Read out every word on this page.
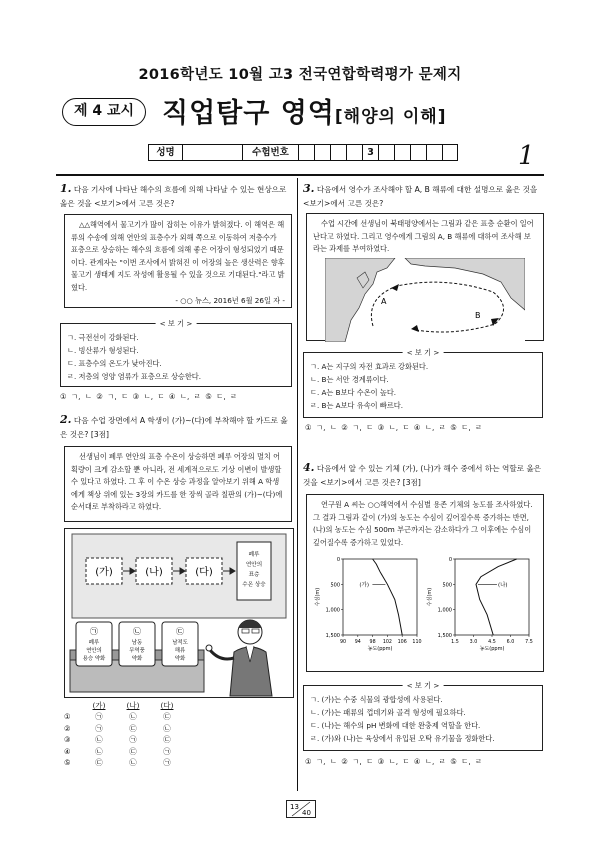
2016학년도 10월 고3 전국연합학력평가 문제지
제 4 교시	직업탐구 영역[해양의 이해]
성명	수험번호	3	1
1. 다음 기사에 나타난 해수의 흐름에 의해 나타날 수 있는 현상으로 옳은 것을 <보기>에서 고른 것은?
△△해역에서 물고기가 많이 잡히는 이유가 밝혀졌다. 이 해역은 해류의 수송에 의해 연안의 표층수가 외해 쪽으로 이동하여 저층수가 표층으로 상승하는 해수의 흐름에 의해 좋은 어장이 형성되었기 때문이다. 관계자는 "이번 조사에서 밝혀진 이 어장의 높은 생산력은 향후 물고기 생태계 지도 작성에 활용될 수 있을 것으로 기대된다."라고 밝혔다.
- ○○ 뉴스, 2016년 6월 26일 자 -
< 보 기 >
ㄱ. 극전선이 강화된다.
ㄴ. 빙산류가 형성된다.
ㄷ. 표층수의 온도가 낮아진다.
ㄹ. 저층의 영양 염류가 표층으로 상승한다.
① ㄱ, ㄴ ② ㄱ, ㄷ ③ ㄴ, ㄷ ④ ㄴ, ㄹ ⑤ ㄷ, ㄹ
2. 다음 수업 장면에서 A 학생이 (가)~(다)에 부착해야 할 카드로 옳은 것은? [3점]
선생님이 폐루 연안의 표층 수온이 상승하면 폐루 어장의 멸치 어획량이 크게 감소할 뿐 아니라, 전 세계적으로도 기상 이변이 발생할 수 있다고 하였다. 그 후 이 수온 상승 과정을 알아보기 위해 A 학생에게 책상 위에 있는 3장의 카드를 한 장씩 골라 칠판의 (가)~(다)에 순서대로 부착하라고 하였다.
(가)	(나)	(다)
폐루
연안의
표층
수온 상승
㉠
폐루
연안의
용승 약화
㉡
남동
무역풍
약화
㉢
남적도
해류
약화
(가)	(나)	(다)
①	㉠	㉡	㉢
②	㉠	㉢	㉡
③	㉡	㉠	㉢
④	㉡	㉢	㉠
⑤	㉢	㉡	㉠
3. 다음에서 영수가 조사해야 할 A, B 해류에 대한 설명으로 옳은 것을 <보기>에서 고른 것은?
수업 시간에 선생님이 북태평양에서는 그림과 같은 표층 순환이 일어난다고 하였다. 그리고 영수에게 그림의 A, B 해류에 대하여 조사해 보라는 과제를 부여하였다.
A
B
< 보 기 >
ㄱ. A는 지구의 자전 효과로 강화된다.
ㄴ. B는 서안 경계류이다.
ㄷ. A는 B보다 수온이 높다.
ㄹ. B는 A보다 유속이 빠르다.
① ㄱ, ㄴ ② ㄱ, ㄷ ③ ㄴ, ㄷ ④ ㄴ, ㄹ ⑤ ㄷ, ㄹ
4. 다음에서 알 수 있는 기체 (가), (나)가 해수 중에서 하는 역할로 옳은 것을 <보기>에서 고른 것은? [3점]
연구원 A 씨는 ○○해역에서 수심별 용존 기체의 농도를 조사하였다. 그 결과 그림과 같이 (가)의 농도는 수심이 깊어질수록 증가하는 반면, (나)의 농도는 수심 500m 부근까지는 감소하다가 그 이후에는 수심이 깊어질수록 증가하고 있었다.
0
500
1,000
1,500
90 94 98 102 106 110
농도(ppm)
수심(m)
(가)
0
500
1,000
1,500
1.5 3.0 4.5 6.0 7.5
농도(ppm)
수심(m)
(나)
< 보 기 >
ㄱ. (가)는 수중 식물의 광합성에 사용된다.
ㄴ. (가)는 패류의 껍데기와 골격 형성에 필요하다.
ㄷ. (나)는 해수의 pH 변화에 대한 완충제 역할을 한다.
ㄹ. (가)와 (나)는 육상에서 유입된 오탁 유기물을 정화한다.
① ㄱ, ㄴ ② ㄱ, ㄷ ③ ㄴ, ㄷ ④ ㄴ, ㄹ ⑤ ㄷ, ㄹ
13
40
